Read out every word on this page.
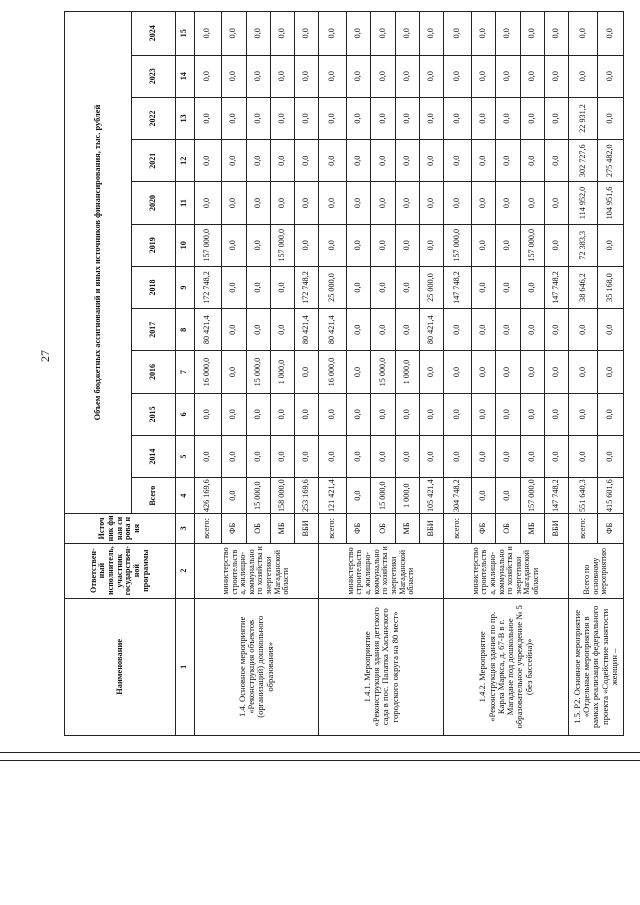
27
Наименование	Ответствен-ный исполнитель, участник государствен-ной программы	Источ ник финан сирова ния	Объем бюджетных ассигнований и иных источников финансирования, тыс. рублей											
			Всего	2014	2015	2016	2017	2018	2019	2020	2021	2022	2023	2024
1	2	3	4	5	6	7	8	9	10	11	12	13	14	15
1.4. Основное мероприятие «Реконструкция объектов (организаций) дошкольного образования»	министерство строительств а, жилищно-коммунально го хозяйства и энергетики Магаданской области	всего:	426 169,6	0,0	0,0	16 000,0	80 421,4	172 748,2	157 000,0	0,0	0,0	0,0	0,0	0,0
		ФБ	0,0	0,0	0,0	0,0	0,0	0,0	0,0	0,0	0,0	0,0	0,0	0,0
		ОБ	15 000,0	0,0	0,0	15 000,0	0,0	0,0	0,0	0,0	0,0	0,0	0,0	0,0
		МБ	158 000,0	0,0	0,0	1 000,0	0,0	0,0	157 000,0	0,0	0,0	0,0	0,0	0,0
		ВБИ	253 169,6	0,0	0,0	0,0	80 421,4	172 748,2	0,0	0,0	0,0	0,0	0,0	0,0
1.4.1. Мероприятие «Реконструкция здания детского сада в пос. Палатка Хасынского городского округа на 80 мест»	министерство строительств а, жилищно-коммунально го хозяйства и энергетики Магаданской области	всего:	121 421,4	0,0	0,0	16 000,0	80 421,4	25 000,0	0,0	0,0	0,0	0,0	0,0	0,0
		ФБ	0,0	0,0	0,0	0,0	0,0	0,0	0,0	0,0	0,0	0,0	0,0	0,0
		ОБ	15 000,0	0,0	0,0	15 000,0	0,0	0,0	0,0	0,0	0,0	0,0	0,0	0,0
		МБ	1 000,0	0,0	0,0	1 000,0	0,0	0,0	0,0	0,0	0,0	0,0	0,0	0,0
		ВБИ	105 421,4	0,0	0,0	0,0	80 421,4	25 000,0	0,0	0,0	0,0	0,0	0,0	0,0
1.4.2. Мероприятие «Реконструкция здания по пр. Карла Маркса, д. 67-В в г. Магадане под дошкольное образовательное учреждение № 5 (без бассейна)»	министерство строительств а, жилищно-коммунально го хозяйства и энергетики Магаданской области	всего:	304 748,2	0,0	0,0	0,0	0,0	147 748,2	157 000,0	0,0	0,0	0,0	0,0	0,0
		ФБ	0,0	0,0	0,0	0,0	0,0	0,0	0,0	0,0	0,0	0,0	0,0	0,0
		ОБ	0,0	0,0	0,0	0,0	0,0	0,0	0,0	0,0	0,0	0,0	0,0	0,0
		МБ	157 000,0	0,0	0,0	0,0	0,0	0,0	157 000,0	0,0	0,0	0,0	0,0	0,0
		ВБИ	147 748,2	0,0	0,0	0,0	0,0	147 748,2	0,0	0,0	0,0	0,0	0,0	0,0
1.5. Р2. Основное мероприятие «Отдельные мероприятия в рамках реализации федерального проекта «Содействие занятости женщин –	Всего по основному мероприятию	всего:	551 640,3	0,0	0,0	0,0	0,0	38 646,2	72 383,3	114 952,0	302 727,6	22 931,2	0,0	0,0
		ФБ	415 601,6	0,0	0,0	0,0	0,0	35 168,0	0,0	104 951,6	275 482,0	0,0	0,0	0,0
